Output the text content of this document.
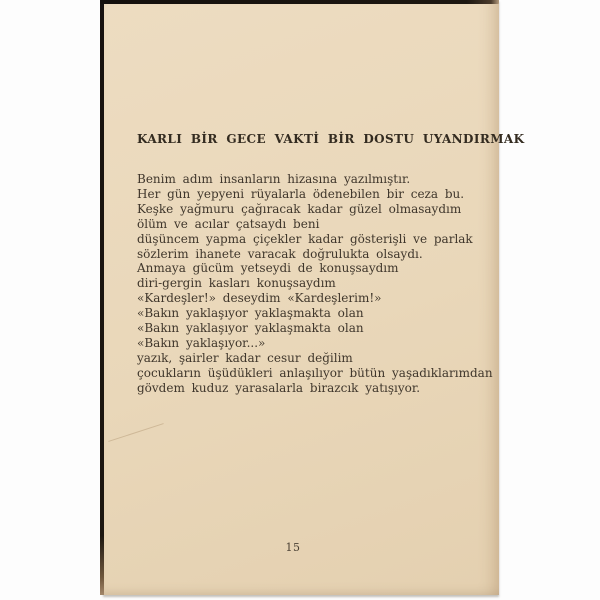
KARLI BİR GECE VAKTİ BİR DOSTU UYANDIRMAK
Benim adım insanların hizasına yazılmıştır.
Her gün yepyeni rüyalarla ödenebilen bir ceza bu.
Keşke yağmuru çağıracak kadar güzel olmasaydım
ölüm ve acılar çatsaydı beni
düşüncem yapma çiçekler kadar gösterişli ve parlak
sözlerim ihanete varacak doğrulukta olsaydı.
Anmaya gücüm yetseydi de konuşsaydım
diri-gergin kasları konuşsaydım
«Kardeşler!» deseydim «Kardeşlerim!»
«Bakın yaklaşıyor yaklaşmakta olan
«Bakın yaklaşıyor yaklaşmakta olan
«Bakın yaklaşıyor...»
yazık, şairler kadar cesur değilim
çocukların üşüdükleri anlaşılıyor bütün yaşadıklarımdan
gövdem kuduz yarasalarla birazcık yatışıyor.
15
